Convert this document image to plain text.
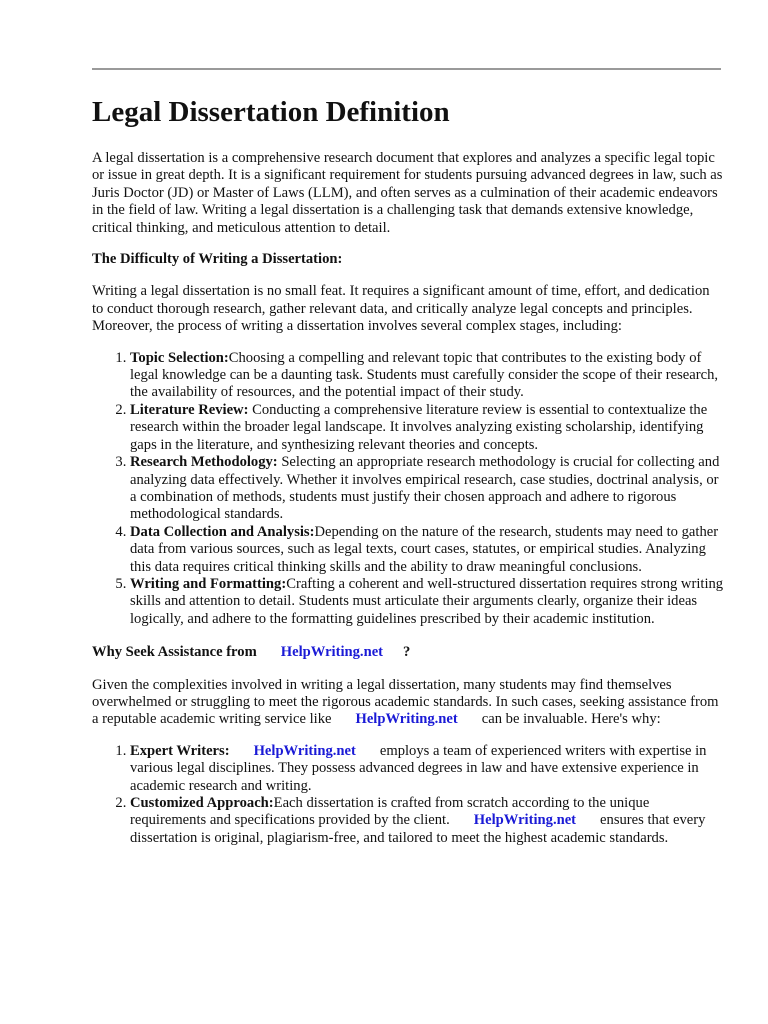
Legal Dissertation Definition

A legal dissertation is a comprehensive research document that explores and analyzes a specific legal topic or issue in great depth. It is a significant requirement for students pursuing advanced degrees in law, such as Juris Doctor (JD) or Master of Laws (LLM), and often serves as a culmination of their academic endeavors in the field of law. Writing a legal dissertation is a challenging task that demands extensive knowledge, critical thinking, and meticulous attention to detail.

The Difficulty of Writing a Dissertation:

Writing a legal dissertation is no small feat. It requires a significant amount of time, effort, and dedication to conduct thorough research, gather relevant data, and critically analyze legal concepts and principles. Moreover, the process of writing a dissertation involves several complex stages, including:

1. Topic Selection:Choosing a compelling and relevant topic that contributes to the existing body of legal knowledge can be a daunting task. Students must carefully consider the scope of their research, the availability of resources, and the potential impact of their study.
2. Literature Review: Conducting a comprehensive literature review is essential to contextualize the research within the broader legal landscape. It involves analyzing existing scholarship, identifying gaps in the literature, and synthesizing relevant theories and concepts.
3. Research Methodology: Selecting an appropriate research methodology is crucial for collecting and analyzing data effectively. Whether it involves empirical research, case studies, doctrinal analysis, or a combination of methods, students must justify their chosen approach and adhere to rigorous methodological standards.
4. Data Collection and Analysis:Depending on the nature of the research, students may need to gather data from various sources, such as legal texts, court cases, statutes, or empirical studies. Analyzing this data requires critical thinking skills and the ability to draw meaningful conclusions.
5. Writing and Formatting:Crafting a coherent and well-structured dissertation requires strong writing skills and attention to detail. Students must articulate their arguments clearly, organize their ideas logically, and adhere to the formatting guidelines prescribed by their academic institution.

Why Seek Assistance from HelpWriting.net ?

Given the complexities involved in writing a legal dissertation, many students may find themselves overwhelmed or struggling to meet the rigorous academic standards. In such cases, seeking assistance from a reputable academic writing service like HelpWriting.net can be invaluable. Here's why:

1. Expert Writers: HelpWriting.net employs a team of experienced writers with expertise in various legal disciplines. They possess advanced degrees in law and have extensive experience in academic research and writing.
2. Customized Approach:Each dissertation is crafted from scratch according to the unique requirements and specifications provided by the client. HelpWriting.net ensures that every dissertation is original, plagiarism-free, and tailored to meet the highest academic standards.
